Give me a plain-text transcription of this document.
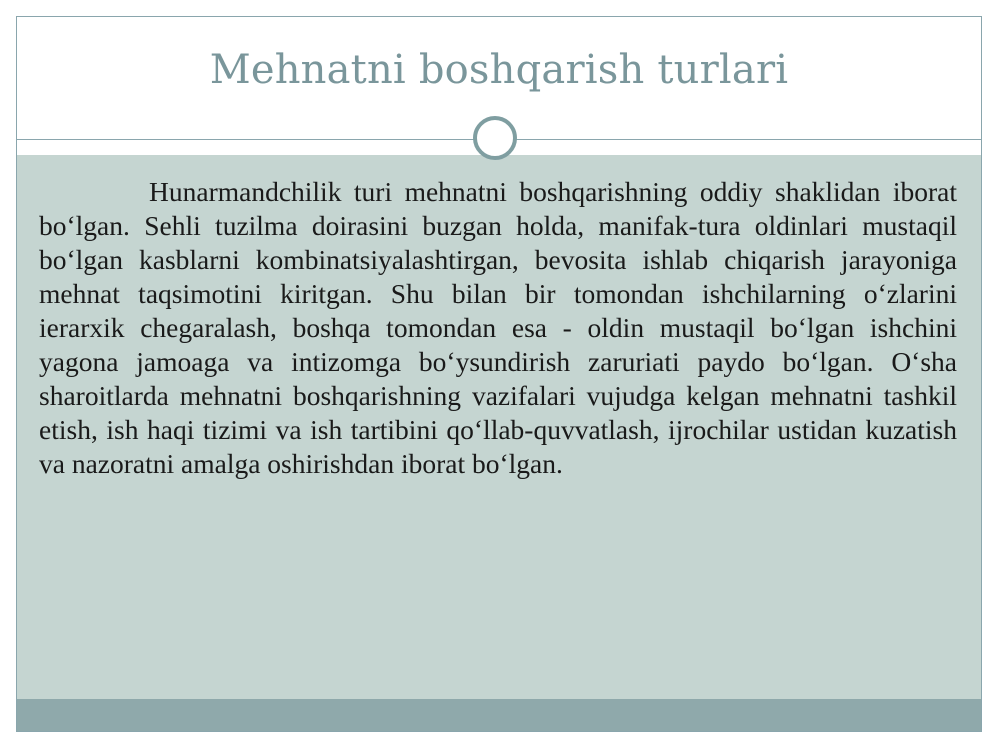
Mehnatni boshqarish turlari

Hunarmandchilik turi mehnatni boshqarishning oddiy shaklidan iborat bo‘lgan. Sehli tuzilma doirasini buzgan holda, manifak-tura oldinlari mustaqil bo‘lgan kasblarni kombinatsiyalashtirgan, bevosita ishlab chiqarish jarayoniga mehnat taqsimotini kiritgan. Shu bilan bir tomondan ishchilarning o‘zlarini ierarxik chegaralash, boshqa tomondan esa - oldin mustaqil bo‘lgan ishchini yagona jamoaga va intizomga bo‘ysundirish zaruriati paydo bo‘lgan. O‘sha sharoitlarda mehnatni boshqarishning vazifalari vujudga kelgan mehnatni tashkil etish, ish haqi tizimi va ish tartibini qo‘llab-quvvatlash, ijrochilar ustidan kuzatish va nazoratni amalga oshirishdan iborat bo‘lgan.
